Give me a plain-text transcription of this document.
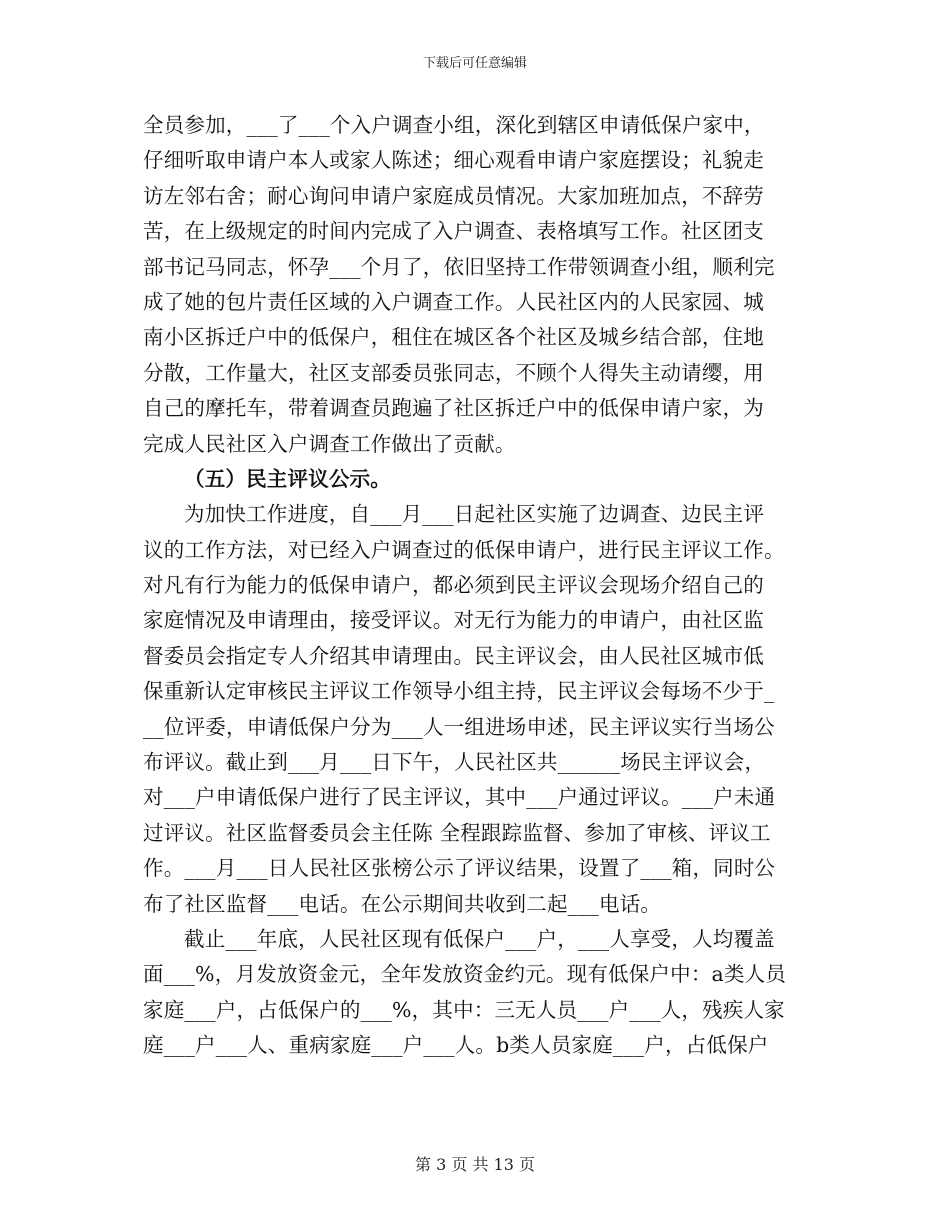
下载后可任意编辑
全员参加，___了___个入户调查小组，深化到辖区申请低保户家中，
仔细听取申请户本人或家人陈述；细心观看申请户家庭摆设；礼貌走
访左邻右舍；耐心询问申请户家庭成员情况。大家加班加点，不辞劳
苦，在上级规定的时间内完成了入户调查、表格填写工作。社区团支
部书记马同志，怀孕___个月了，依旧坚持工作带领调查小组，顺利完
成了她的包片责任区域的入户调查工作。人民社区内的人民家园、城
南小区拆迁户中的低保户，租住在城区各个社区及城乡结合部，住地
分散，工作量大，社区支部委员张同志，不顾个人得失主动请缨，用
自己的摩托车，带着调查员跑遍了社区拆迁户中的低保申请户家，为
完成人民社区入户调查工作做出了贡献。
（五）民主评议公示。
为加快工作进度，自___月___日起社区实施了边调查、边民主评
议的工作方法，对已经入户调查过的低保申请户，进行民主评议工作。
对凡有行为能力的低保申请户，都必须到民主评议会现场介绍自己的
家庭情况及申请理由，接受评议。对无行为能力的申请户，由社区监
督委员会指定专人介绍其申请理由。民主评议会，由人民社区城市低
保重新认定审核民主评议工作领导小组主持，民主评议会每场不少于_
__位评委，申请低保户分为___人一组进场申述，民主评议实行当场公
布评议。截止到___月___日下午，人民社区共______场民主评议会，
对___户申请低保户进行了民主评议，其中___户通过评议。___户未通
过评议。社区监督委员会主任陈 全程跟踪监督、参加了审核、评议工
作。___月___日人民社区张榜公示了评议结果，设置了___箱，同时公
布了社区监督___电话。在公示期间共收到二起___电话。
截止___年底，人民社区现有低保户___户，___人享受，人均覆盖
面___%，月发放资金元，全年发放资金约元。现有低保户中：a类人员
家庭___户，占低保户的___%，其中：三无人员___户___人，残疾人家
庭___户___人、重病家庭___户___人。b类人员家庭___户，占低保户
第 3 页 共 13 页
